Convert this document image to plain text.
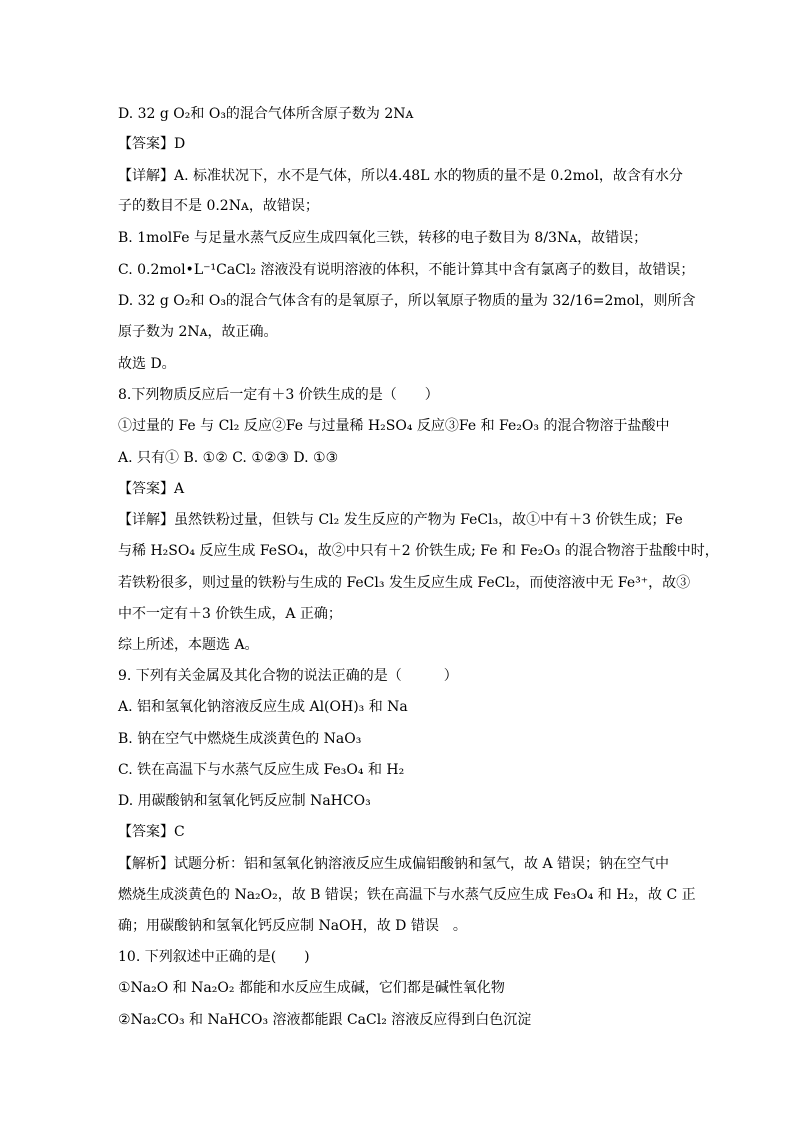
D. 32 g O₂和 O₃的混合气体所含原子数为 2Nᴀ
【答案】D
【详解】A. 标准状况下，水不是气体，所以4.48L 水的物质的量不是 0.2mol，故含有水分
子的数目不是 0.2Nᴀ，故错误；
B. 1molFe 与足量水蒸气反应生成四氧化三铁，转移的电子数目为 8/3Nᴀ，故错误；
C. 0.2mol•L⁻¹CaCl₂ 溶液没有说明溶液的体积，不能计算其中含有氯离子的数目，故错误；
D. 32 g O₂和 O₃的混合气体含有的是氧原子，所以氧原子物质的量为 32/16=2mol，则所含
原子数为 2Nᴀ，故正确。
故选 D。
8.下列物质反应后一定有＋3 价铁生成的是（　　）
①过量的 Fe 与 Cl₂ 反应②Fe 与过量稀 H₂SO₄ 反应③Fe 和 Fe₂O₃ 的混合物溶于盐酸中
A. 只有① B. ①② C. ①②③ D. ①③
【答案】A
【详解】虽然铁粉过量，但铁与 Cl₂ 发生反应的产物为 FeCl₃，故①中有＋3 价铁生成；Fe
与稀 H₂SO₄ 反应生成 FeSO₄，故②中只有＋2 价铁生成; Fe 和 Fe₂O₃ 的混合物溶于盐酸中时，
若铁粉很多，则过量的铁粉与生成的 FeCl₃ 发生反应生成 FeCl₂，而使溶液中无 Fe³⁺，故③
中不一定有＋3 价铁生成，A 正确；
综上所述，本题选 A。
9. 下列有关金属及其化合物的说法正确的是（　　　）
A. 铝和氢氧化钠溶液反应生成 Al(OH)₃ 和 Na
B. 钠在空气中燃烧生成淡黄色的 NaO₃
C. 铁在高温下与水蒸气反应生成 Fe₃O₄ 和 H₂
D. 用碳酸钠和氢氧化钙反应制 NaHCO₃
【答案】C
【解析】试题分析：铝和氢氧化钠溶液反应生成偏铝酸钠和氢气，故 A 错误；钠在空气中
燃烧生成淡黄色的 Na₂O₂，故 B 错误；铁在高温下与水蒸气反应生成 Fe₃O₄ 和 H₂，故 C 正
确；用碳酸钠和氢氧化钙反应制 NaOH，故 D 错误　。
10. 下列叙述中正确的是(　　)
①Na₂O 和 Na₂O₂ 都能和水反应生成碱，它们都是碱性氧化物
②Na₂CO₃ 和 NaHCO₃ 溶液都能跟 CaCl₂ 溶液反应得到白色沉淀
